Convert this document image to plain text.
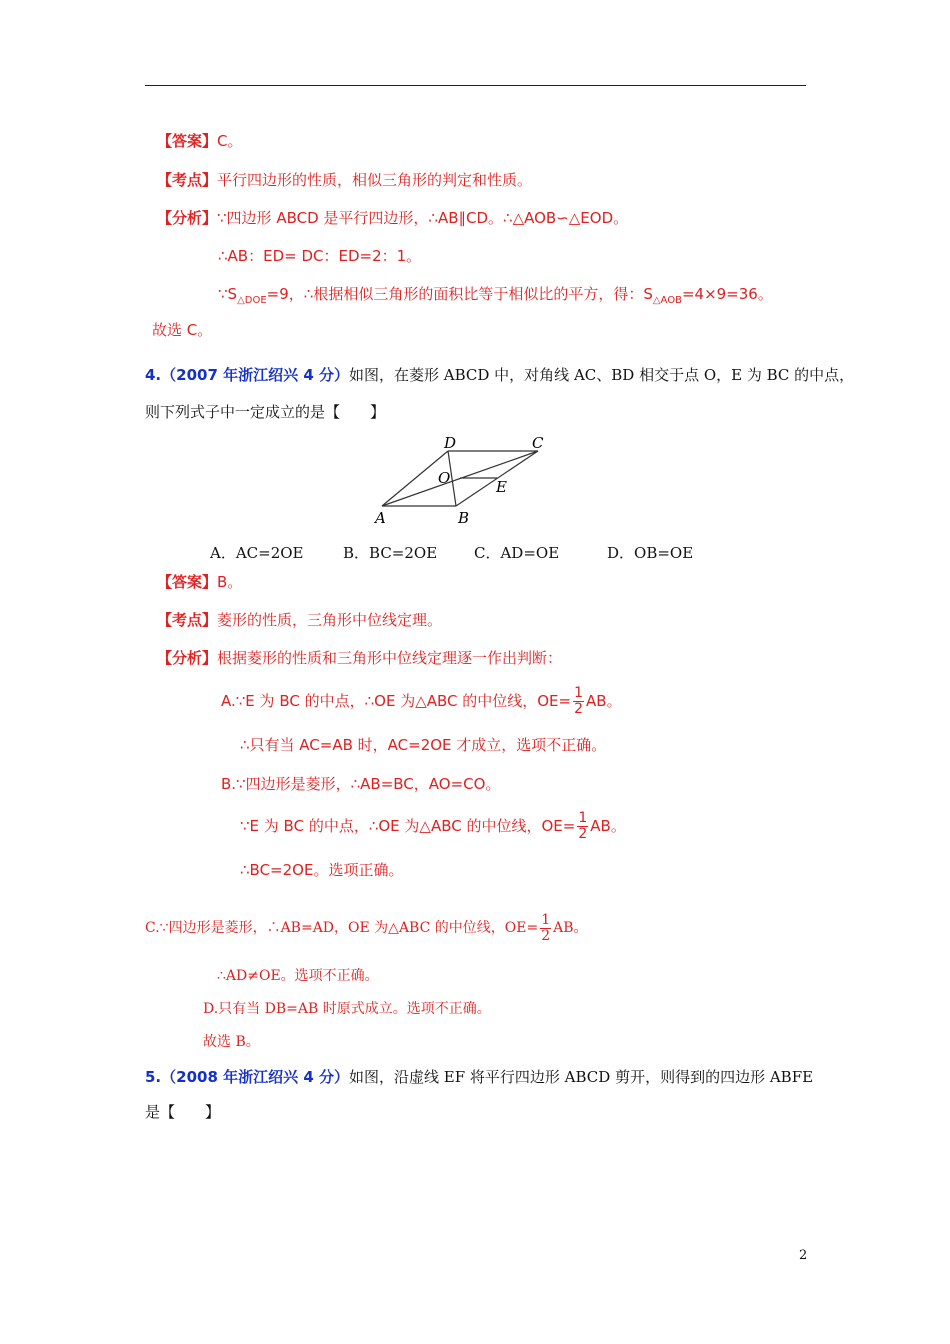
【答案】C。
【考点】平行四边形的性质，相似三角形的判定和性质。
【分析】∵四边形 ABCD 是平行四边形，∴AB∥CD。∴△AOB∽△EOD。
∴AB：ED= DC：ED=2：1。
$\because S_{\triangle DOE}=9$，∴根据相似三角形的面积比等于相似比的平方，得：$S_{\triangle AOB}=4\times 9=36$。
故选 C。
4.（2007 年浙江绍兴 4 分）如图，在菱形 ABCD 中，对角线 AC、BD 相交于点 O，E 为 BC 的中点，
则下列式子中一定成立的是【　　】
D	C
O	E
A	B
A．AC=2OE	B．BC=2OE C．AD=OE	D．OB=OE
【答案】B。
【考点】菱形的性质，三角形中位线定理。
【分析】根据菱形的性质和三角形中位线定理逐一作出判断：
A.∵E 为 BC 的中点，∴OE 为△ABC 的中位线，$OE= \frac{1}{2}$ AB。
∴只有当 AC=AB 时，AC=2OE 才成立，选项不正确。
B.∵四边形是菱形，∴AB=BC，AO=CO。
∵E 为 BC 的中点，∴OE 为△ABC 的中位线，$OE= \frac{1}{2}$ AB。
∴BC=2OE。选项正确。
C.∵四边形是菱形，∴AB=AD，OE 为△ABC 的中位线，$OE= \frac{1}{2}$ AB。
∴AD≠OE。选项不正确。
D.只有当 DB=AB 时原式成立。选项不正确。
故选 B。
5.（2008 年浙江绍兴 4 分）如图，沿虚线 EF 将平行四边形 ABCD 剪开，则得到的四边形 ABFE
是【　　】
2
